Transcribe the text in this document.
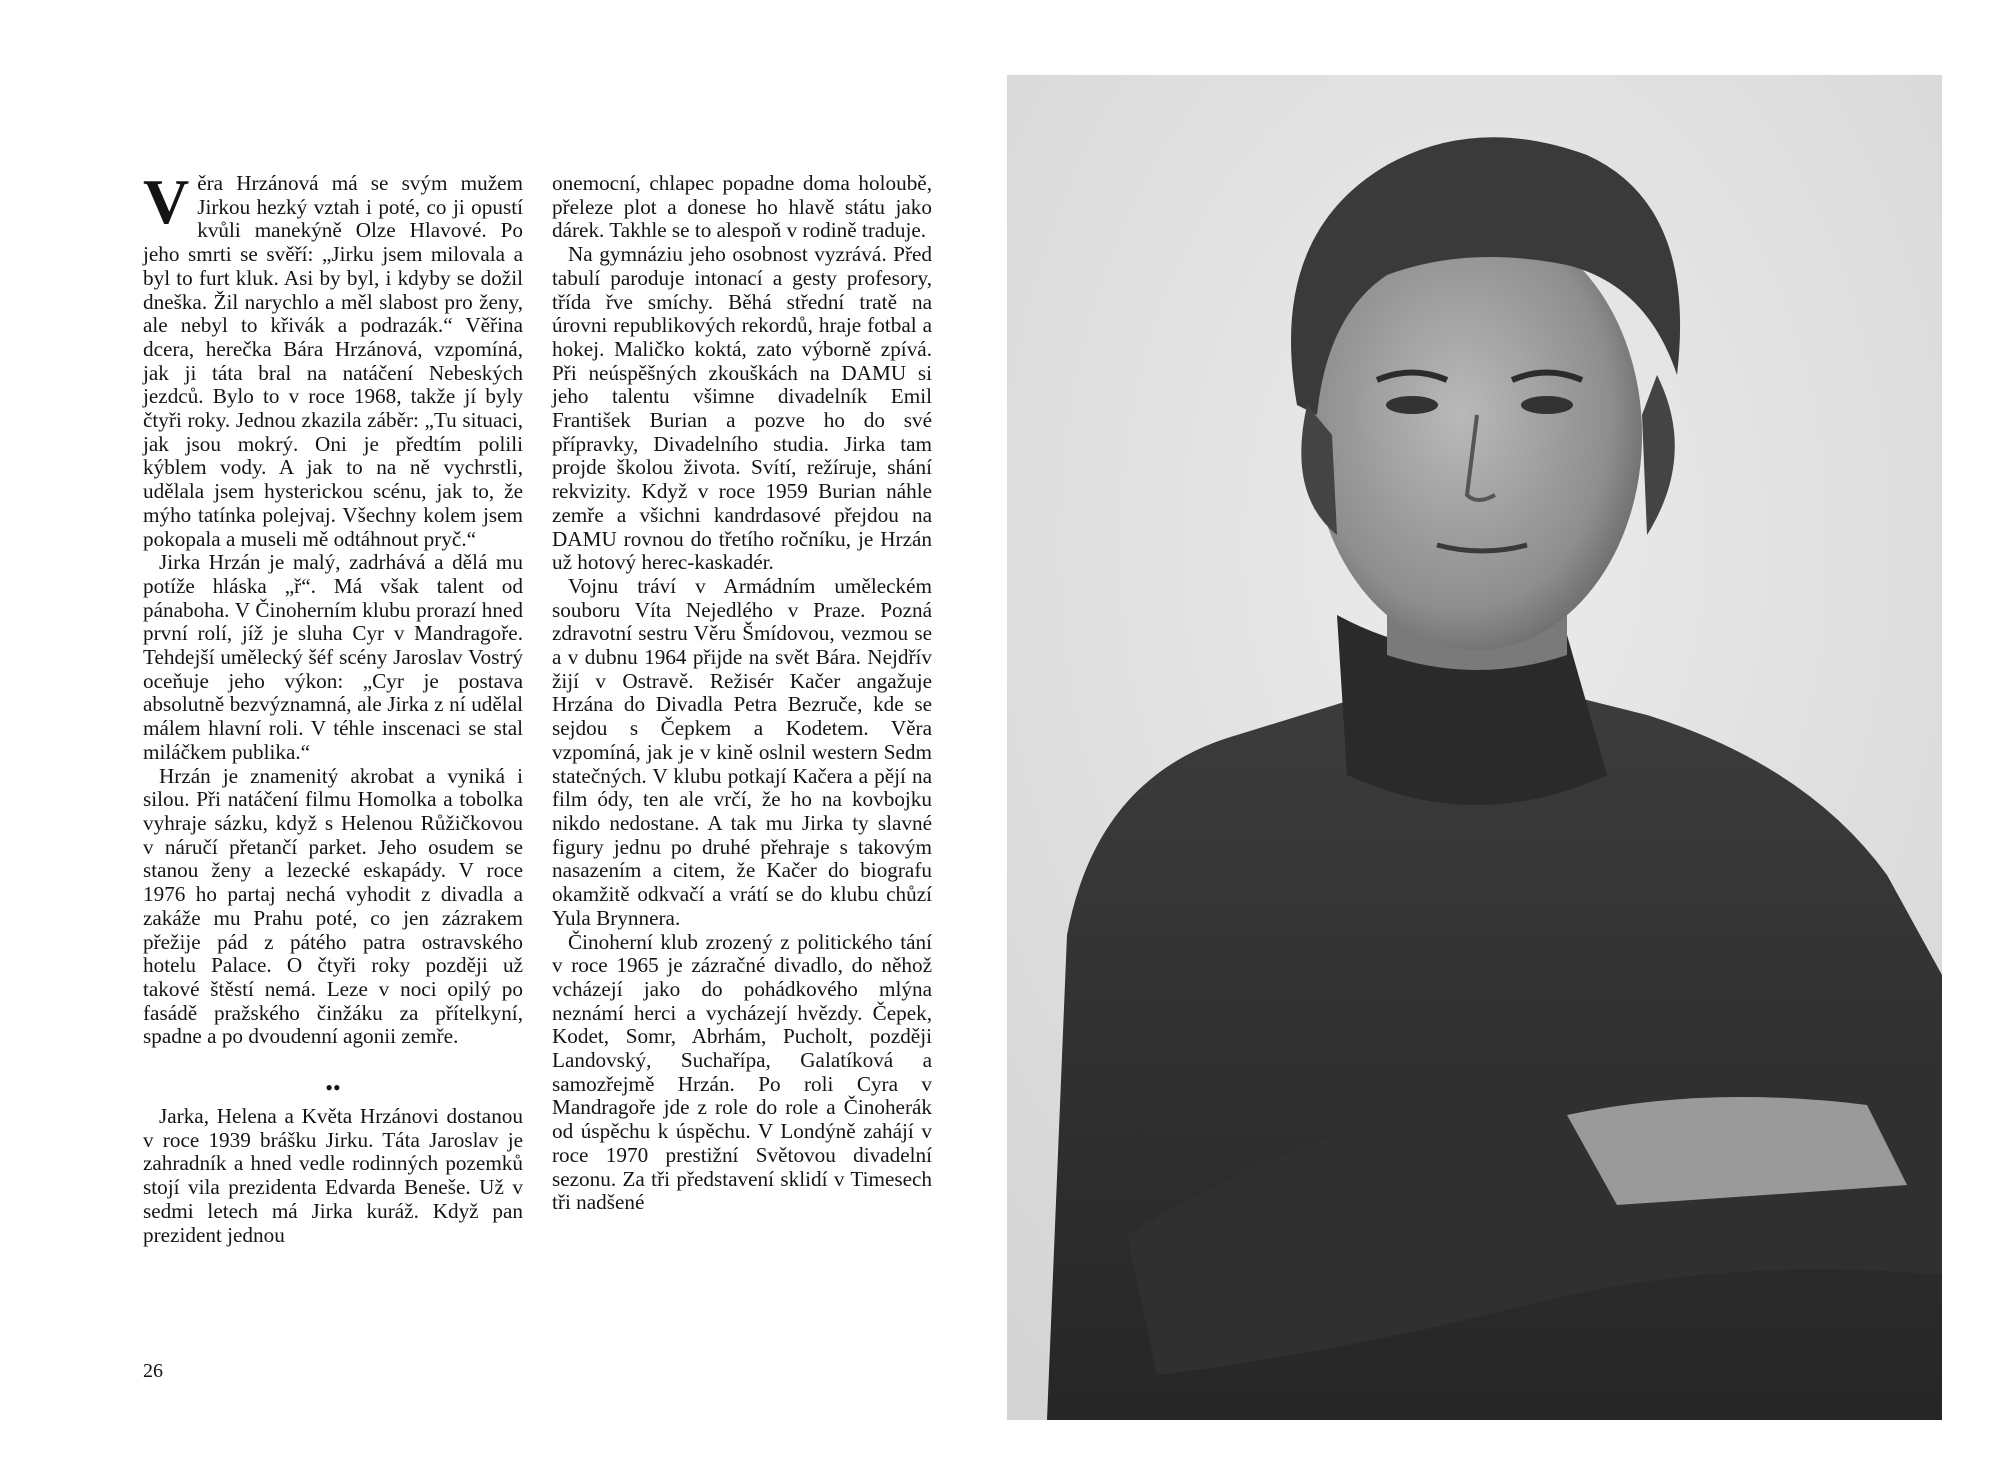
Věra Hrzánová má se svým mužem Jirkou hezký vztah i poté, co ji opustí kvůli manekýně Olze Hlavové. Po jeho smrti se svěří: „Jirku jsem milovala a byl to furt kluk. Asi by byl, i kdyby se dožil dneška. Žil narychlo a měl slabost pro ženy, ale nebyl to křivák a podrazák.“ Věřina dcera, herečka Bára Hrzánová, vzpomíná, jak ji táta bral na natáčení Nebeských jezdců. Bylo to v roce 1968, takže jí byly čtyři roky. Jednou zkazila záběr: „Tu situaci, jak jsou mokrý. Oni je předtím polili kýblem vody. A jak to na ně vychrstli, udělala jsem hysterickou scénu, jak to, že mýho tatínka polejvaj. Všechny kolem jsem pokopala a museli mě odtáhnout pryč.“

Jirka Hrzán je malý, zadrhává a dělá mu potíže hláska „ř“. Má však talent od pánaboha. V Činoherním klubu prorazí hned první rolí, jíž je sluha Cyr v Mandragoře. Tehdejší umělecký šéf scény Jaroslav Vostrý oceňuje jeho výkon: „Cyr je postava absolutně bezvýznamná, ale Jirka z ní udělal málem hlavní roli. V téhle inscenaci se stal miláčkem publika.“

Hrzán je znamenitý akrobat a vyniká i silou. Při natáčení filmu Homolka a tobolka vyhraje sázku, když s Helenou Růžičkovou v náručí přetančí parket. Jeho osudem se stanou ženy a lezecké eskapády. V roce 1976 ho partaj nechá vyhodit z divadla a zakáže mu Prahu poté, co jen zázrakem přežije pád z pátého patra ostravského hotelu Palace. O čtyři roky později už takové štěstí nemá. Leze v noci opilý po fasádě pražského činžáku za přítelkyní, spadne a po dvoudenní agonii zemře.

••

Jarka, Helena a Květa Hrzánovi dostanou v roce 1939 brášku Jirku. Táta Jaroslav je zahradník a hned vedle rodinných pozemků stojí vila prezidenta Edvarda Beneše. Už v sedmi letech má Jirka kuráž. Když pan prezident jednou

onemocní, chlapec popadne doma holoubě, přeleze plot a donese ho hlavě státu jako dárek. Takhle se to alespoň v rodině traduje.

Na gymnáziu jeho osobnost vyzrává. Před tabulí paroduje intonací a gesty profesory, třída řve smíchy. Běhá střední tratě na úrovni republikových rekordů, hraje fotbal a hokej. Maličko koktá, zato výborně zpívá. Při neúspěšných zkouškách na DAMU si jeho talentu všimne divadelník Emil František Burian a pozve ho do své přípravky, Divadelního studia. Jirka tam projde školou života. Svítí, režíruje, shání rekvizity. Když v roce 1959 Burian náhle zemře a všichni kandrdasové přejdou na DAMU rovnou do třetího ročníku, je Hrzán už hotový herec-kaskadér.

Vojnu tráví v Armádním uměleckém souboru Víta Nejedlého v Praze. Pozná zdravotní sestru Věru Šmídovou, vezmou se a v dubnu 1964 přijde na svět Bára. Nejdřív žijí v Ostravě. Režisér Kačer angažuje Hrzána do Divadla Petra Bezruče, kde se sejdou s Čepkem a Kodetem. Věra vzpomíná, jak je v kině oslnil western Sedm statečných. V klubu potkají Kačera a pějí na film ódy, ten ale vrčí, že ho na kovbojku nikdo nedostane. A tak mu Jirka ty slavné figury jednu po druhé přehraje s takovým nasazením a citem, že Kačer do biografu okamžitě odkvačí a vrátí se do klubu chůzí Yula Brynnera.

Činoherní klub zrozený z politického tání v roce 1965 je zázračné divadlo, do něhož vcházejí jako do pohádkového mlýna neznámí herci a vycházejí hvězdy. Čepek, Kodet, Somr, Abrhám, Pucholt, později Landovský, Suchařípa, Galatíková a samozřejmě Hrzán. Po roli Cyra v Mandragoře jde z role do role a Činoherák od úspěchu k úspěchu. V Londýně zahájí v roce 1970 prestižní Světovou divadelní sezonu. Za tři představení sklidí v Timesech tři nadšené

26
